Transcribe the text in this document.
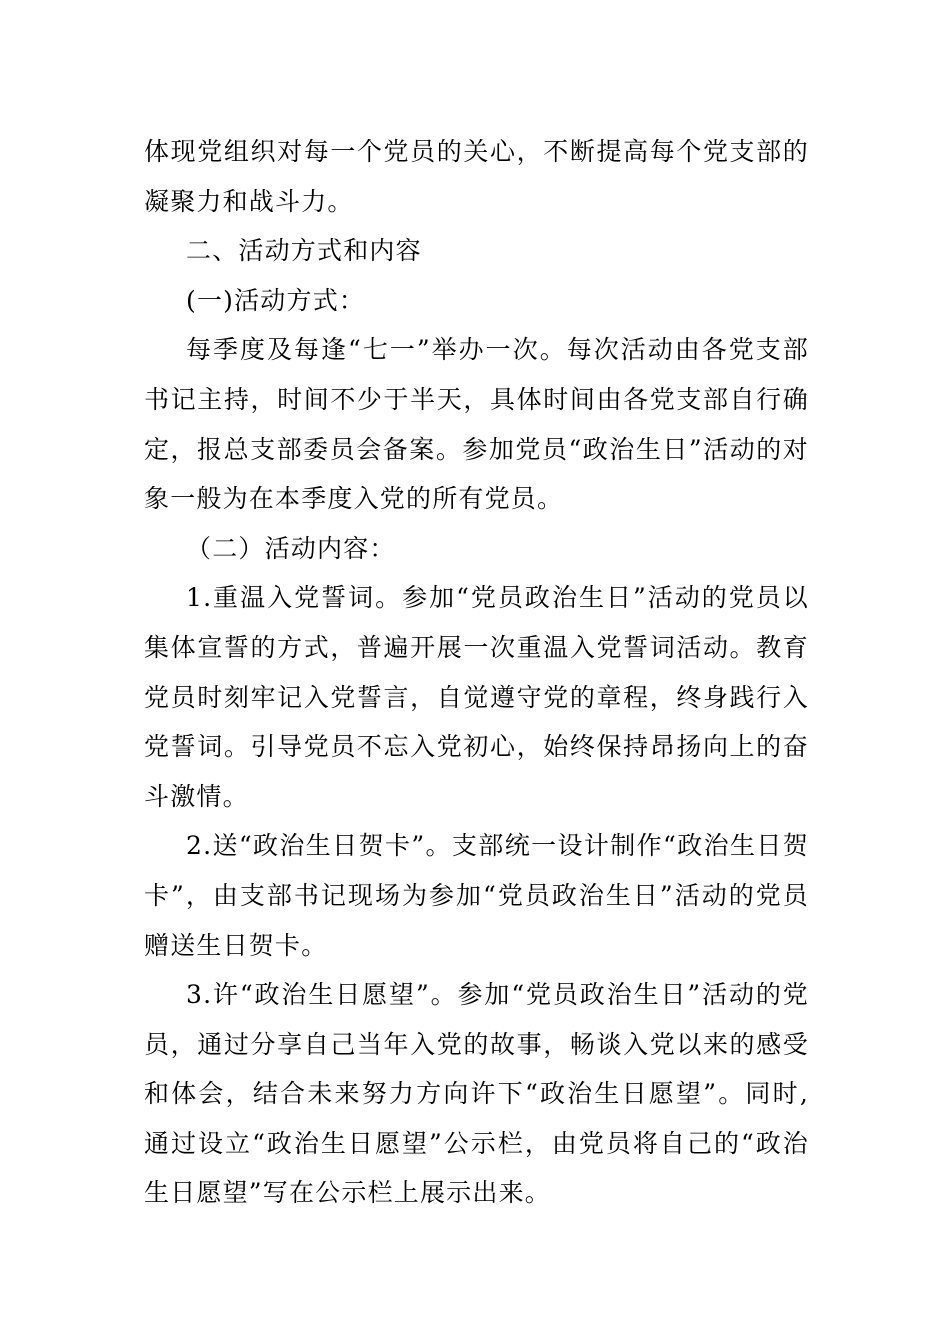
体现党组织对每一个党员的关心，不断提高每个党支部的凝聚力和战斗力。

二、活动方式和内容

(一)活动方式：

每季度及每逢“七一”举办一次。每次活动由各党支部书记主持，时间不少于半天，具体时间由各党支部自行确定，报总支部委员会备案。参加党员“政治生日”活动的对象一般为在本季度入党的所有党员。

（二）活动内容：

1.重温入党誓词。参加“党员政治生日”活动的党员以集体宣誓的方式，普遍开展一次重温入党誓词活动。教育党员时刻牢记入党誓言，自觉遵守党的章程，终身践行入党誓词。引导党员不忘入党初心，始终保持昂扬向上的奋斗激情。

2.送“政治生日贺卡”。支部统一设计制作“政治生日贺卡”，由支部书记现场为参加“党员政治生日”活动的党员赠送生日贺卡。

3.许“政治生日愿望”。参加“党员政治生日”活动的党员，通过分享自己当年入党的故事，畅谈入党以来的感受和体会，结合未来努力方向许下“政治生日愿望”。同时,通过设立“政治生日愿望”公示栏，由党员将自己的“政治生日愿望”写在公示栏上展示出来。
